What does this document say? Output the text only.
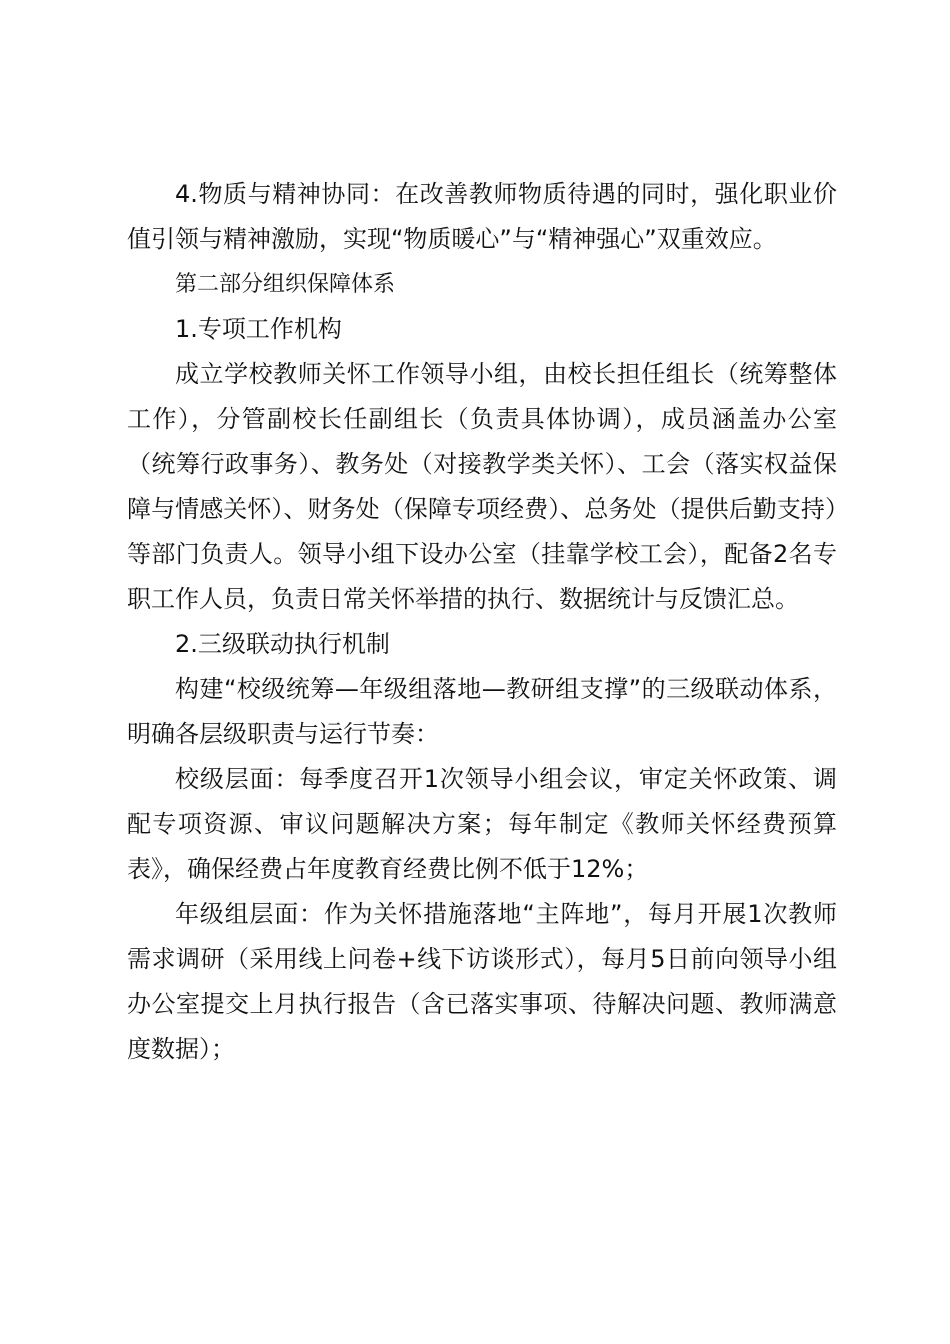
4.物质与精神协同：在改善教师物质待遇的同时，强化职业价值引领与精神激励，实现“物质暖心”与“精神强心”双重效应。

第二部分组织保障体系

1.专项工作机构

成立学校教师关怀工作领导小组，由校长担任组长（统筹整体工作），分管副校长任副组长（负责具体协调），成员涵盖办公室（统筹行政事务）、教务处（对接教学类关怀）、工会（落实权益保障与情感关怀）、财务处（保障专项经费）、总务处（提供后勤支持）等部门负责人。领导小组下设办公室（挂靠学校工会），配备2名专职工作人员，负责日常关怀举措的执行、数据统计与反馈汇总。

2.三级联动执行机制

构建“校级统筹—年级组落地—教研组支撑”的三级联动体系，明确各层级职责与运行节奏：

校级层面：每季度召开1次领导小组会议，审定关怀政策、调配专项资源、审议问题解决方案；每年制定《教师关怀经费预算表》，确保经费占年度教育经费比例不低于12%；

年级组层面：作为关怀措施落地“主阵地”，每月开展1次教师需求调研（采用线上问卷+线下访谈形式），每月5日前向领导小组办公室提交上月执行报告（含已落实事项、待解决问题、教师满意度数据）；
